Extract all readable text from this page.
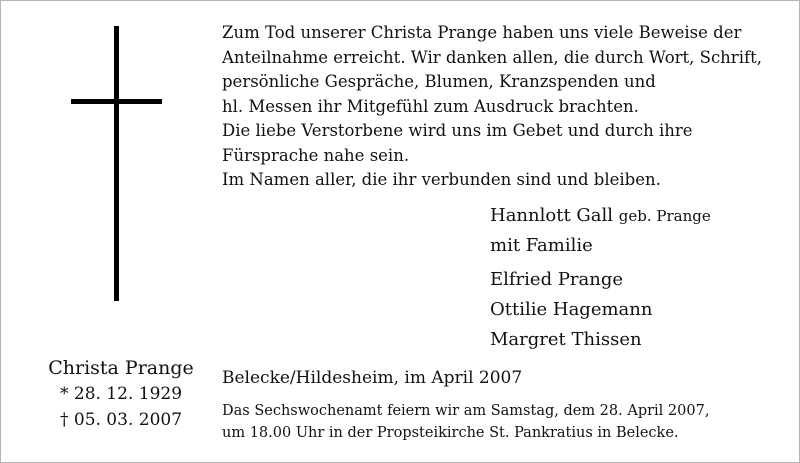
Christa Prange
* 28. 12. 1929
† 05. 03. 2007
Zum Tod unserer Christa Prange haben uns viele Beweise der
Anteilnahme erreicht. Wir danken allen, die durch Wort, Schrift,
persönliche Gespräche, Blumen, Kranzspenden und
hl. Messen ihr Mitgefühl zum Ausdruck brachten.
Die liebe Verstorbene wird uns im Gebet und durch ihre
Fürsprache nahe sein.
Im Namen aller, die ihr verbunden sind und bleiben.
Hannlott Gall geb. Prange
mit Familie
Elfried Prange
Ottilie Hagemann
Margret Thissen
Belecke/Hildesheim, im April 2007
Das Sechswochenamt feiern wir am Samstag, dem 28. April 2007,
um 18.00 Uhr in der Propsteikirche St. Pankratius in Belecke.
